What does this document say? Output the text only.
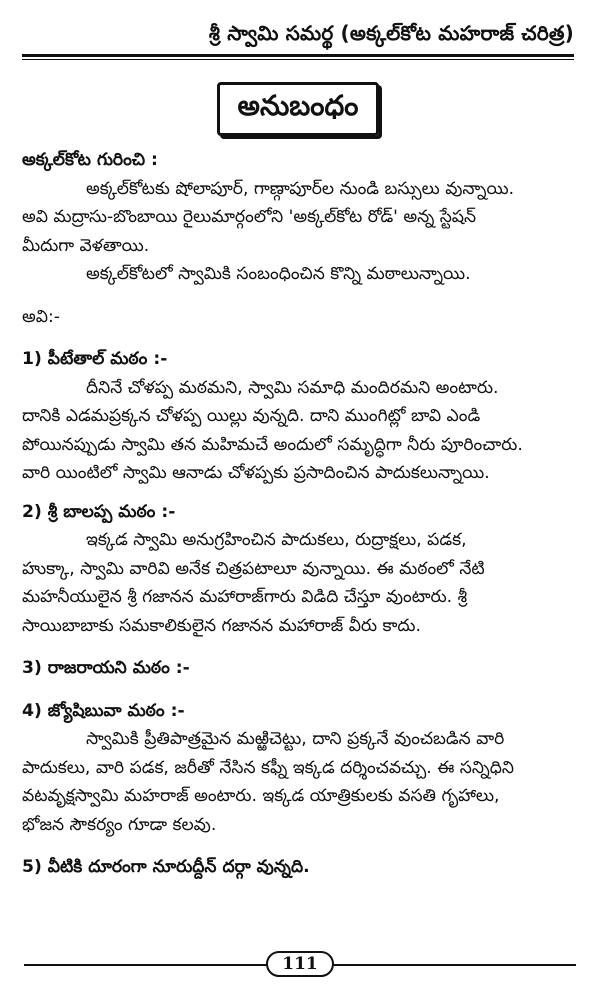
శ్రీ స్వామి సమర్థ (అక్కల్‌కోట మహరాజ్ చరిత్ర)
అనుబంధం
అక్కల్‌కోట గురించి :
అక్కల్‌కోటకు షోలాపూర్, గాణ్గాపూర్‌ల నుండి బస్సులు వున్నాయి.
అవి మద్రాసు-బొంబాయి రైలుమార్గంలోని 'అక్కల్‌కోట రోడ్' అన్న స్టేషన్
మీదుగా వెళతాయి.
అక్కల్‌కోటలో స్వామికి సంబంధించిన కొన్ని మఠాలున్నాయి.
అవి:-
1) పీటేతాల్ మఠం :-
దీనినే చోళప్ప మఠమని, స్వామి సమాధి మందిరమని అంటారు.
దానికి ఎడమప్రక్కన చోళప్ప యిల్లు వున్నది. దాని ముంగిట్లో బావి ఎండి
పోయినప్పుడు స్వామి తన మహిమచే అందులో సమృద్ధిగా నీరు పూరించారు.
వారి యింటిలో స్వామి ఆనాడు చోళప్పకు ప్రసాదించిన పాదుకలున్నాయి.
2) శ్రీ బాలప్ప మఠం :-
ఇక్కడ స్వామి అనుగ్రహించిన పాదుకలు, రుద్రాక్షలు, పడక,
హుక్కా, స్వామి వారివి అనేక చిత్రపటాలూ వున్నాయి. ఈ మఠంలో నేటి
మహనీయులైన శ్రీ గజానన మహారాజ్‌గారు విడిది చేస్తూ వుంటారు. శ్రీ
సాయిబాబాకు సమకాలికులైన గజానన మహారాజ్ వీరు కాదు.
3) రాజరాయని మఠం :-
4) జ్యోషిబువా మఠం :-
స్వామికి ప్రీతిపాత్రమైన మఱ్ఱిచెట్టు, దాని ప్రక్కనే వుంచబడిన వారి
పాదుకలు, వారి పడక, జరీతో నేసిన కఫ్నీ ఇక్కడ దర్శించవచ్చు. ఈ సన్నిధిని
వటవృక్షస్వామి మహరాజ్ అంటారు. ఇక్కడ యాత్రికులకు వసతి గృహాలు,
భోజన సౌకర్యం గూడా కలవు.
5) వీటికి దూరంగా నూరుద్దీన్ దర్గా వున్నది.
111
